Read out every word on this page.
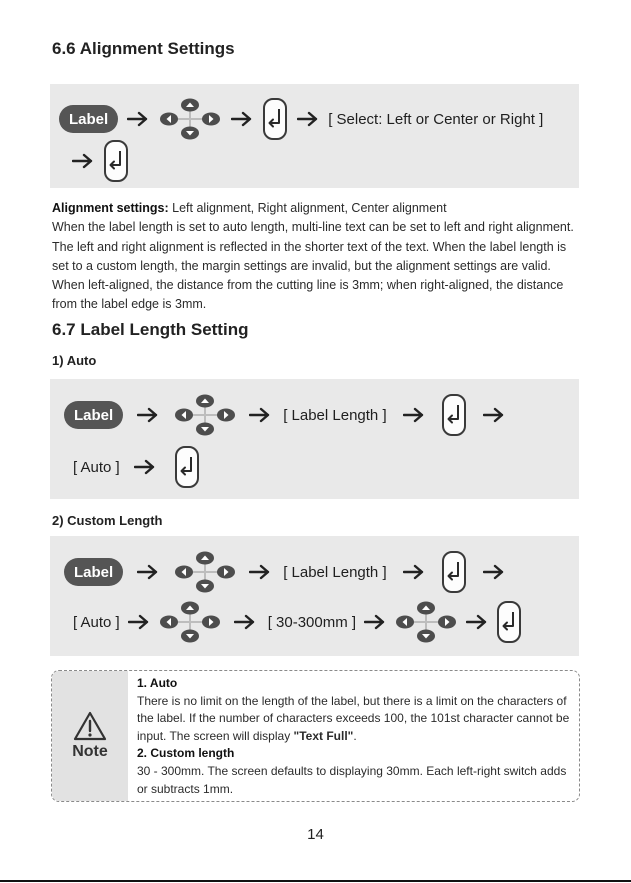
6.6 Alignment Settings
Label	[ Select: Left or Center or Right ]
Alignment settings: Left alignment, Right alignment, Center alignment
When the label length is set to auto length, multi-line text can be set to left and right alignment. The left and right alignment is reflected in the shorter text of the text. When the label length is set to a custom length, the margin settings are invalid, but the alignment settings are valid. When left-aligned, the distance from the cutting line is 3mm; when right-aligned, the distance from the label edge is 3mm.
6.7 Label Length Setting
1) Auto
Label	[ Label Length ]
[ Auto ]
2) Custom Length
Label	[ Label Length ]
[ Auto ]	[ 30-300mm ]
Note
1. Auto
There is no limit on the length of the label, but there is a limit on the characters of the label. If the number of characters exceeds 100, the 101st character cannot be input. The screen will display "Text Full".
2. Custom length
30 - 300mm. The screen defaults to displaying 30mm. Each left-right switch adds or subtracts 1mm.
14
